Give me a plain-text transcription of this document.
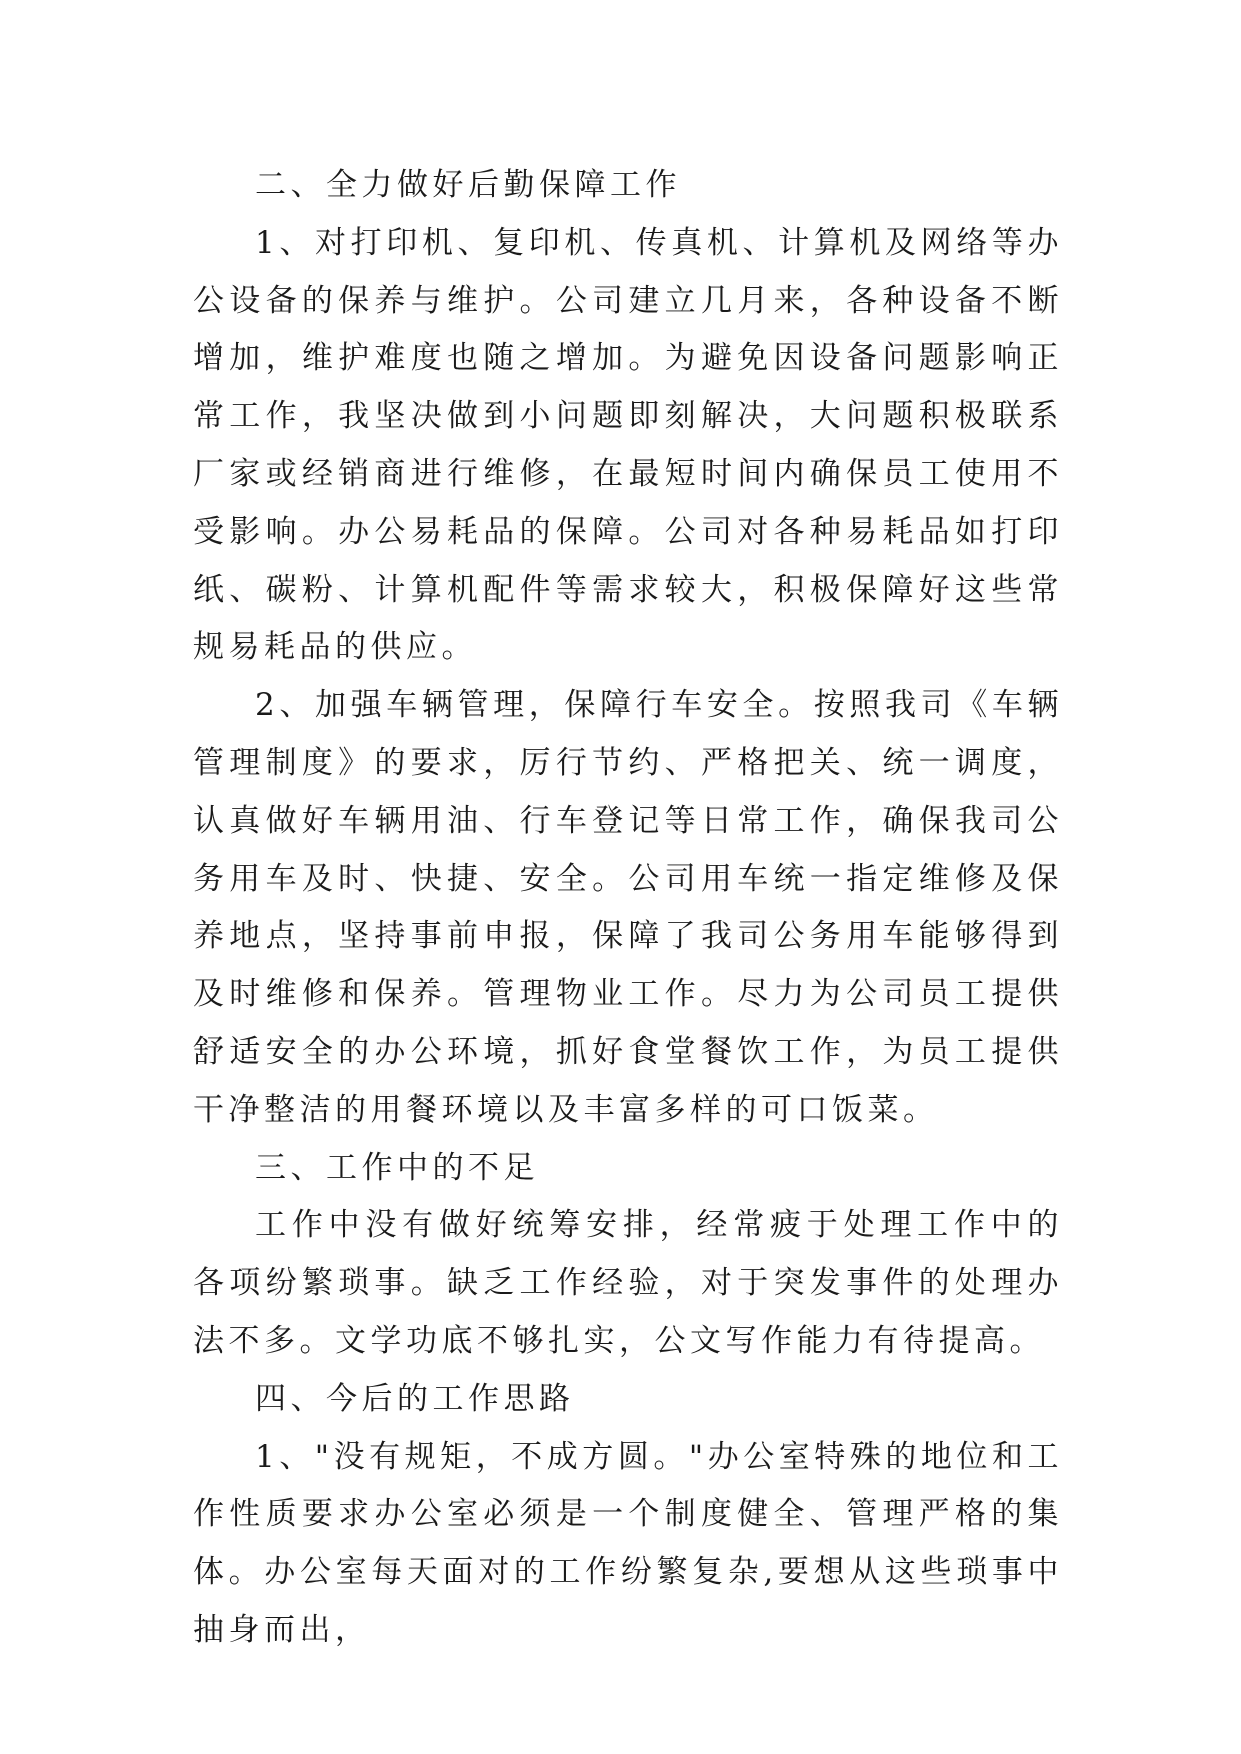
二、全力做好后勤保障工作

1、对打印机、复印机、传真机、计算机及网络等办公设备的保养与维护。公司建立几月来，各种设备不断增加，维护难度也随之增加。为避免因设备问题影响正常工作，我坚决做到小问题即刻解决，大问题积极联系厂家或经销商进行维修，在最短时间内确保员工使用不受影响。办公易耗品的保障。公司对各种易耗品如打印纸、碳粉、计算机配件等需求较大，积极保障好这些常规易耗品的供应。

2、加强车辆管理，保障行车安全。按照我司《车辆管理制度》的要求，厉行节约、严格把关、统一调度，认真做好车辆用油、行车登记等日常工作，确保我司公务用车及时、快捷、安全。公司用车统一指定维修及保养地点，坚持事前申报，保障了我司公务用车能够得到及时维修和保养。管理物业工作。尽力为公司员工提供舒适安全的办公环境，抓好食堂餐饮工作，为员工提供干净整洁的用餐环境以及丰富多样的可口饭菜。

三、工作中的不足

工作中没有做好统筹安排，经常疲于处理工作中的各项纷繁琐事。缺乏工作经验，对于突发事件的处理办法不多。文学功底不够扎实，公文写作能力有待提高。

四、今后的工作思路

1、"没有规矩，不成方圆。"办公室特殊的地位和工作性质要求办公室必须是一个制度健全、管理严格的集体。办公室每天面对的工作纷繁复杂,要想从这些琐事中抽身而出，
